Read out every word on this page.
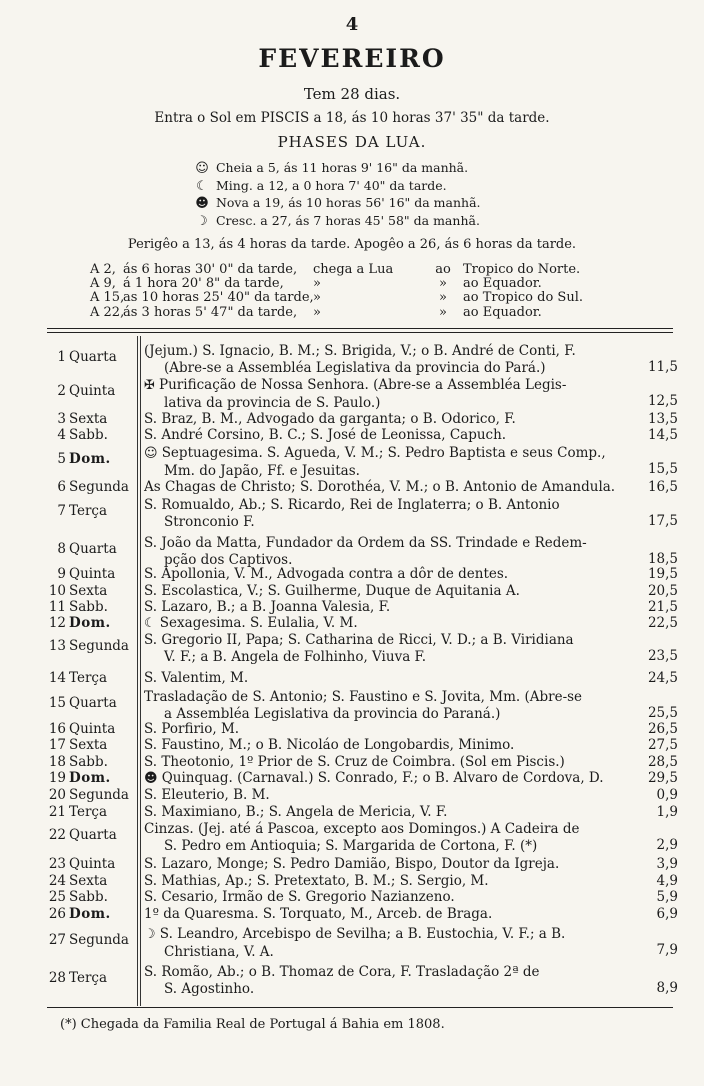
4
FEVEREIRO
Tem 28 dias.
Entra o Sol em PISCIS a 18, ás 10 horas 37' 35" da tarde.
PHASES DA LUA.
☺ Cheia a 5, ás 11 horas 9' 16" da manhã.
☾ Ming. a 12, a 0 hora 7' 40" da tarde.
☻ Nova a 19, ás 10 horas 56' 16" da manhã.
☽ Cresc. a 27, ás 7 horas 45' 58" da manhã.
Perigêo a 13, ás 4 horas da tarde. Apogêo a 26, ás 6 horas da tarde.
A 2, ás 6 horas 30' 0" da tarde, chega a Lua	ao Tropico do Norte.
A 9, á 1 hora 20' 8" da tarde, »	» ao Equador.
A 15,as 10 horas 25' 40" da tarde,»	» ao Tropico do Sul.
A 22,ás 3 horas 5' 47" da tarde, »	» ao Equador.
1 Quarta	(Jejum.) S. Ignacio, B. M.; S. Brigida, V.; o B. André de Conti, F.
(Abre-se a Assembléa Legislativa da provincia do Pará.)	11,5
2 Quinta	✠ Purificação de Nossa Senhora. (Abre-se a Assembléa Legis-
lativa da provincia de S. Paulo.)	12,5
3 Sexta	S. Braz, B. M., Advogado da garganta; o B. Odorico, F.	13,5
4 Sabb.	S. André Corsino, B. C.; S. José de Leonissa, Capuch.	14,5
5 Dom.	☺ Septuagesima. S. Agueda, V. M.; S. Pedro Baptista e seus Comp.,
Mm. do Japão, Ff. e Jesuitas.	15,5
6 Segunda	As Chagas de Christo; S. Dorothéa, V. M.; o B. Antonio de Amandula.	16,5
7 Terça	S. Romualdo, Ab.; S. Ricardo, Rei de Inglaterra; o B. Antonio
Stronconio F.	17,5
8 Quarta	S. João da Matta, Fundador da Ordem da SS. Trindade e Redem-
pção dos Captivos.	18,5
9 Quinta	S. Apollonia, V. M., Advogada contra a dôr de dentes.	19,5
10 Sexta	S. Escolastica, V.; S. Guilherme, Duque de Aquitania A.	20,5
11 Sabb.	S. Lazaro, B.; a B. Joanna Valesia, F.	21,5
12 Dom.	☾ Sexagesima. S. Eulalia, V. M.	22,5
13 Segunda	S. Gregorio II, Papa; S. Catharina de Ricci, V. D.; a B. Viridiana
V. F.; a B. Angela de Folhinho, Viuva F.	23,5
14 Terça	S. Valentim, M.	24,5
15 Quarta	Trasladação de S. Antonio; S. Faustino e S. Jovita, Mm. (Abre-se
a Assembléa Legislativa da provincia do Paraná.)	25,5
16 Quinta	S. Porfirio, M.	26,5
17 Sexta	S. Faustino, M.; o B. Nicoláo de Longobardis, Minimo.	27,5
18 Sabb.	S. Theotonio, 1º Prior de S. Cruz de Coimbra. (Sol em Piscis.)	28,5
19 Dom.	☻ Quinquag. (Carnaval.) S. Conrado, F.; o B. Alvaro de Cordova, D.	29,5
20 Segunda	S. Eleuterio, B. M.	0,9
21 Terça	S. Maximiano, B.; S. Angela de Mericia, V. F.	1,9
22 Quarta	Cinzas. (Jej. até á Pascoa, excepto aos Domingos.) A Cadeira de
S. Pedro em Antioquia; S. Margarida de Cortona, F. (*)	2,9
23 Quinta	S. Lazaro, Monge; S. Pedro Damião, Bispo, Doutor da Igreja.	3,9
24 Sexta	S. Mathias, Ap.; S. Pretextato, B. M.; S. Sergio, M.	4,9
25 Sabb.	S. Cesario, Irmão de S. Gregorio Nazianzeno.	5,9
26 Dom.	1º da Quaresma. S. Torquato, M., Arceb. de Braga.	6,9
27 Segunda	☽ S. Leandro, Arcebispo de Sevilha; a B. Eustochia, V. F.; a B.
Christiana, V. A.	7,9
28 Terça	S. Romão, Ab.; o B. Thomaz de Cora, F. Trasladação 2ª de
S. Agostinho.	8,9
(*) Chegada da Familia Real de Portugal á Bahia em 1808.
